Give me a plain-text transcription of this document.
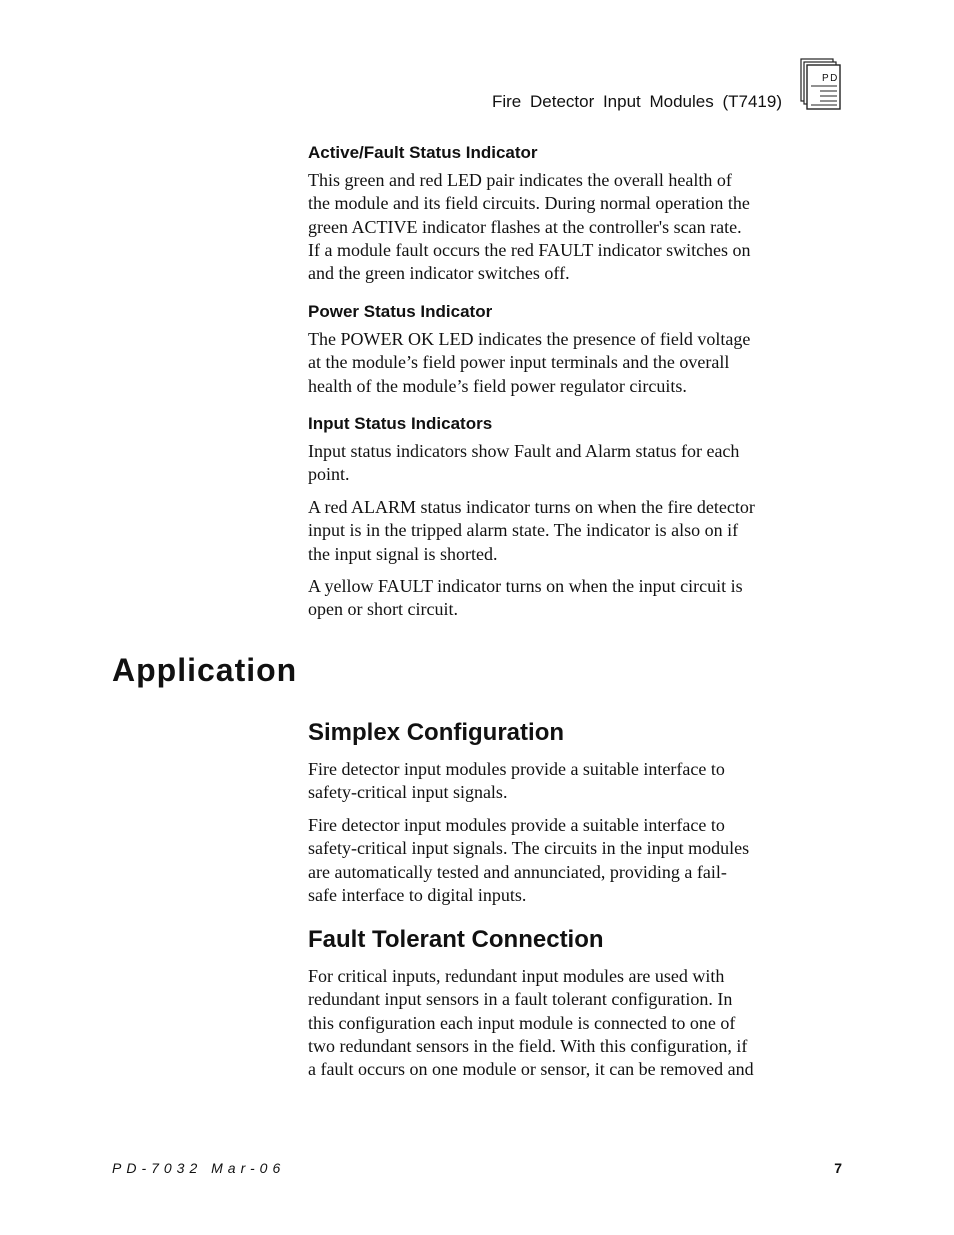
Fire Detector Input Modules (T7419)
PD
Active/Fault Status Indicator

This green and red LED pair indicates the overall health of

the module and its field circuits. During normal operation the

green ACTIVE indicator flashes at the controller's scan rate.

If a module fault occurs the red FAULT indicator switches on

and the green indicator switches off.

Power Status Indicator

The POWER OK LED indicates the presence of field voltage

at the module’s field power input terminals and the overall

health of the module’s field power regulator circuits.

Input Status Indicators

Input status indicators show Fault and Alarm status for each

point.

A red ALARM status indicator turns on when the fire detector

input is in the tripped alarm state. The indicator is also on if

the input signal is shorted.

A yellow FAULT indicator turns on when the input circuit is

open or short circuit.

Application
Simplex Configuration

Fire detector input modules provide a suitable interface to

safety-critical input signals.

Fire detector input modules provide a suitable interface to

safety-critical input signals. The circuits in the input modules

are automatically tested and annunciated, providing a fail-

safe interface to digital inputs.

Fault Tolerant Connection

For critical inputs, redundant input modules are used with

redundant input sensors in a fault tolerant configuration. In

this configuration each input module is connected to one of

two redundant sensors in the field. With this configuration, if

a fault occurs on one module or sensor, it can be removed and

PD-7032 Mar-06	7
